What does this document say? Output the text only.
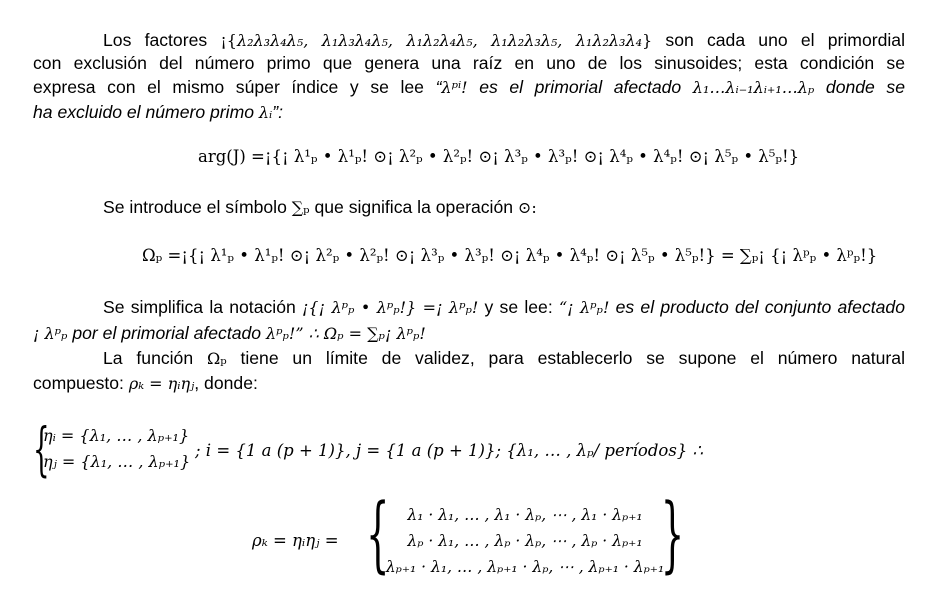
Los factores ¡{λ₂λ₃λ₄λ₅, λ₁λ₃λ₄λ₅, λ₁λ₂λ₄λ₅, λ₁λ₂λ₃λ₅, λ₁λ₂λ₃λ₄} son cada uno el primordial
con exclusión del número primo que genera una raíz en uno de los sinusoides; esta condición se
expresa con el mismo súper índice y se lee “λᵖⁱ! es el primorial afectado λ₁…λᵢ₋₁λᵢ₊₁…λₚ donde se
ha excluido el número primo λᵢ”:
arg(J) =¡{¡ λ¹ₚ • λ¹ₚ! ⊙¡ λ²ₚ • λ²ₚ! ⊙¡ λ³ₚ • λ³ₚ! ⊙¡ λ⁴ₚ • λ⁴ₚ! ⊙¡ λ⁵ₚ • λ⁵ₚ!}
Se introduce el símbolo ∑ₚ que significa la operación ⊙:
Ωₚ =¡{¡ λ¹ₚ • λ¹ₚ! ⊙¡ λ²ₚ • λ²ₚ! ⊙¡ λ³ₚ • λ³ₚ! ⊙¡ λ⁴ₚ • λ⁴ₚ! ⊙¡ λ⁵ₚ • λ⁵ₚ!} = ∑ₚ¡ {¡ λᵖₚ • λᵖₚ!}
Se simplifica la notación ¡{¡ λᵖₚ • λᵖₚ!} =¡ λᵖₚ! y se lee: “¡ λᵖₚ! es el producto del conjunto afectado
¡ λᵖₚ por el primorial afectado λᵖₚ!” ∴ Ωₚ = ∑ₚ¡ λᵖₚ!
La función Ωₚ tiene un límite de validez, para establecerlo se supone el número natural
compuesto: ρₖ = ηᵢηⱼ, donde:
{
ηᵢ = {λ₁, … , λₚ₊₁}
ηⱼ = {λ₁, … , λₚ₊₁}
; i = {1 a (p + 1)}, j = {1 a (p + 1)}; {λ₁, … , λₚ/ períodos} ∴
ρₖ = ηᵢηⱼ = {	}
λ₁ · λ₁, … , λ₁ · λₚ, ⋯ , λ₁ · λₚ₊₁
λₚ · λ₁, … , λₚ · λₚ, ⋯ , λₚ · λₚ₊₁
λₚ₊₁ · λ₁, … , λₚ₊₁ · λₚ, ⋯ , λₚ₊₁ · λₚ₊₁
